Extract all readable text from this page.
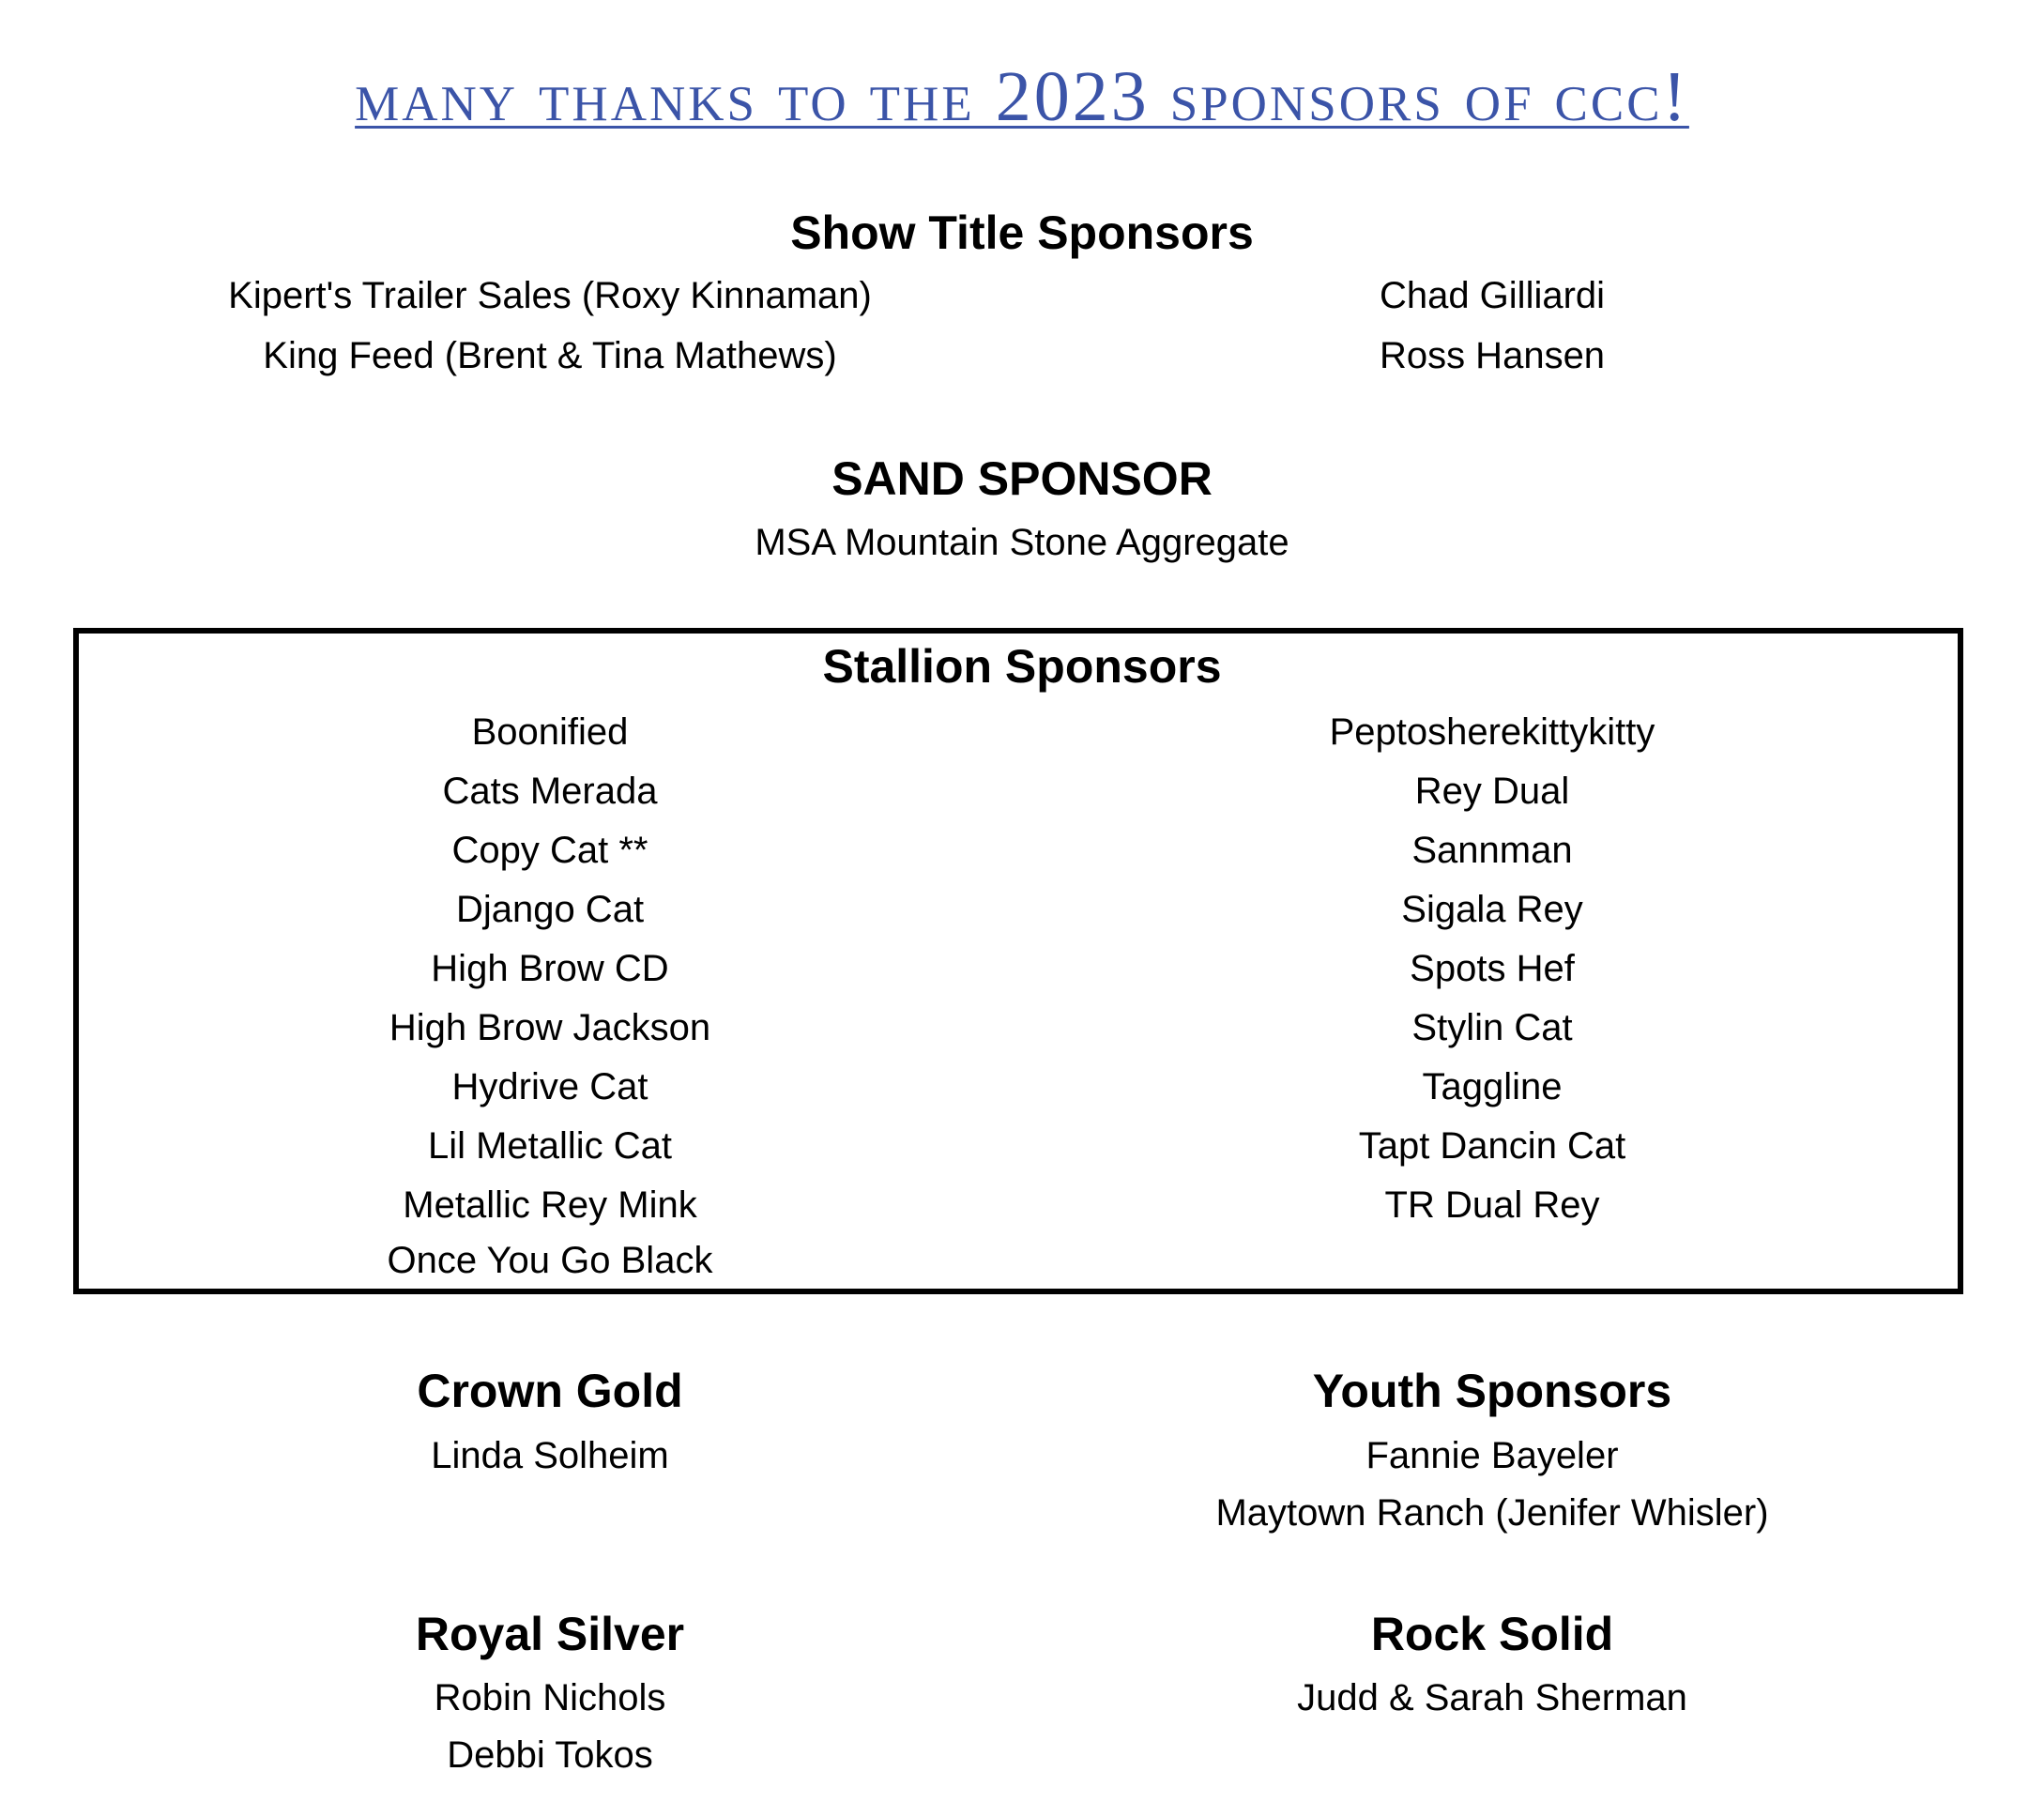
many thanks to the 2023 sponsors of ccc!
Show Title Sponsors
Kipert's Trailer Sales (Roxy Kinnaman)
King Feed (Brent & Tina Mathews)
Chad Gilliardi
Ross Hansen
SAND SPONSOR
MSA Mountain Stone Aggregate
Stallion Sponsors
Boonified
Cats Merada
Copy Cat **
Django Cat
High Brow CD
High Brow Jackson
Hydrive Cat
Lil Metallic Cat
Metallic Rey Mink
Once You Go Black
Peptosherekittykitty
Rey Dual
Sannman
Sigala Rey
Spots Hef
Stylin Cat
Taggline
Tapt Dancin Cat
TR Dual Rey
Crown Gold
Linda Solheim
Youth Sponsors
Fannie Bayeler
Maytown Ranch (Jenifer Whisler)
Royal Silver
Robin Nichols
Debbi Tokos
Rock Solid
Judd & Sarah Sherman
